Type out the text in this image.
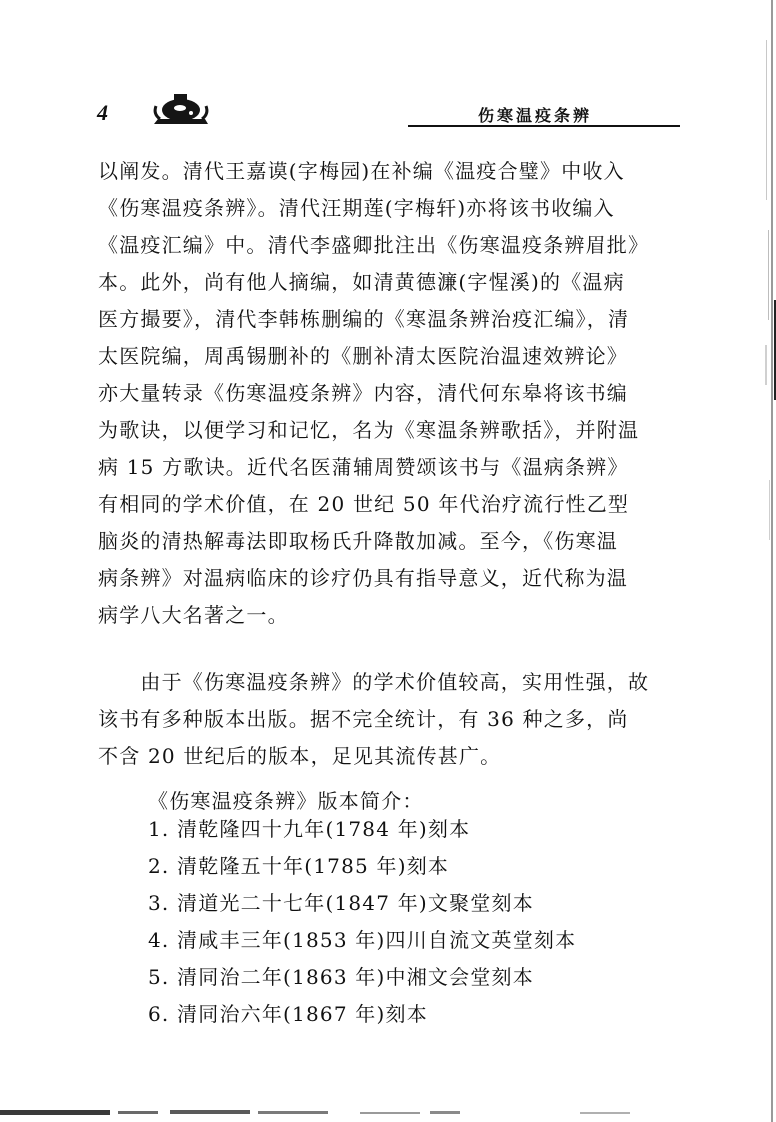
4	伤寒温疫条辨
以阐发。清代王嘉谟(字梅园)在补编《温疫合璧》中收入
《伤寒温疫条辨》。清代汪期莲(字梅轩)亦将该书收编入
《温疫汇编》中。清代李盛卿批注出《伤寒温疫条辨眉批》
本。此外，尚有他人摘编，如清黄德濂(字惺溪)的《温病
医方撮要》，清代李韩栋删编的《寒温条辨治疫汇编》，清
太医院编，周禹锡删补的《删补清太医院治温速效辨论》
亦大量转录《伤寒温疫条辨》内容，清代何东皋将该书编
为歌诀，以便学习和记忆，名为《寒温条辨歌括》，并附温
病 15 方歌诀。近代名医蒲辅周赞颂该书与《温病条辨》
有相同的学术价值，在 20 世纪 50 年代治疗流行性乙型
脑炎的清热解毒法即取杨氏升降散加减。至今，《伤寒温
病条辨》对温病临床的诊疗仍具有指导意义，近代称为温
病学八大名著之一。
　　由于《伤寒温疫条辨》的学术价值较高，实用性强，故
该书有多种版本出版。据不完全统计，有 36 种之多，尚
不含 20 世纪后的版本，足见其流传甚广。
《伤寒温疫条辨》版本简介：
1. 清乾隆四十九年(1784 年)刻本
2. 清乾隆五十年(1785 年)刻本
3. 清道光二十七年(1847 年)文聚堂刻本
4. 清咸丰三年(1853 年)四川自流文英堂刻本
5. 清同治二年(1863 年)中湘文会堂刻本
6. 清同治六年(1867 年)刻本
